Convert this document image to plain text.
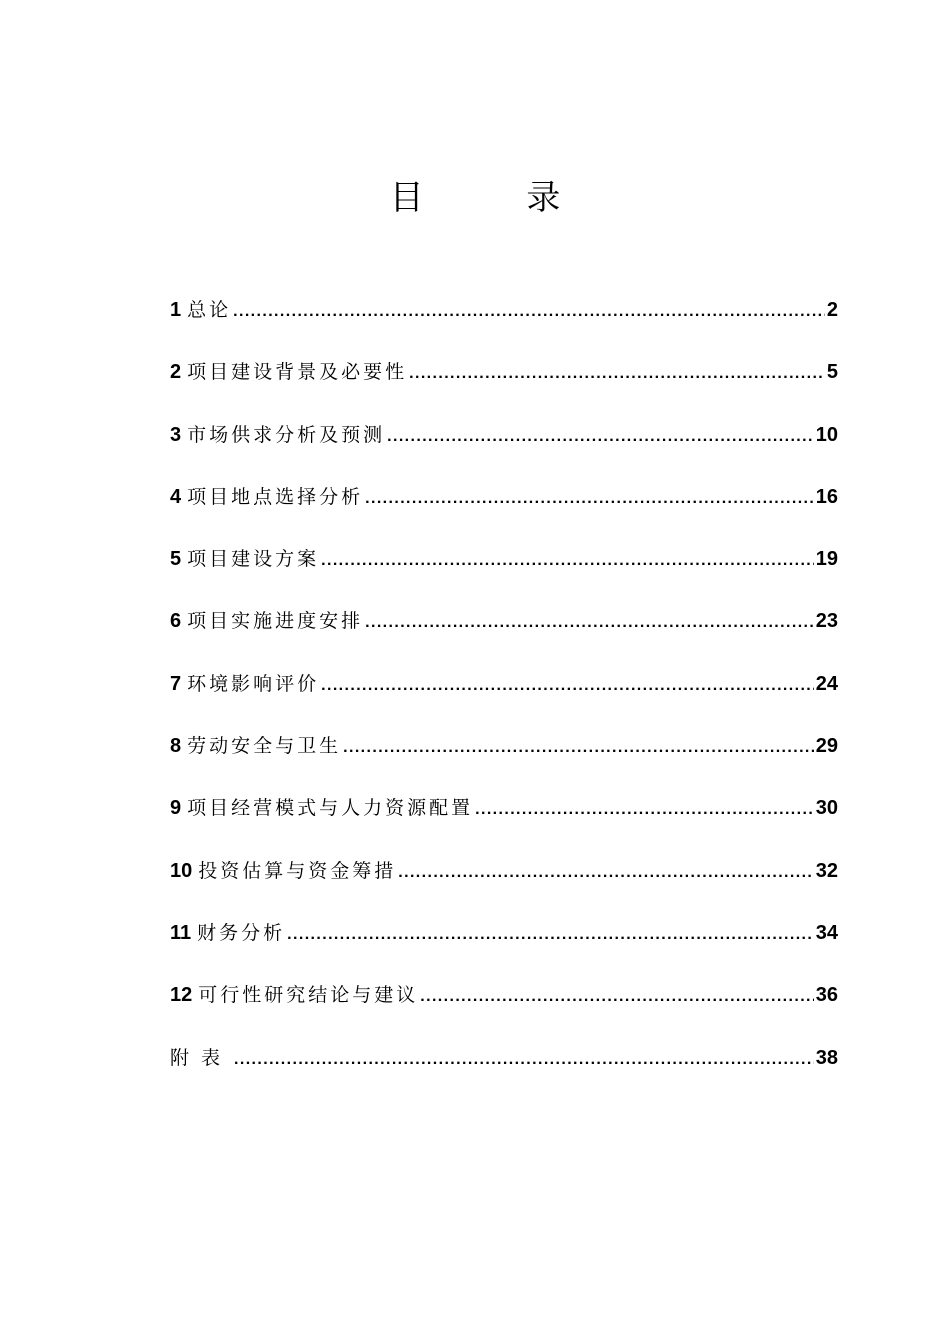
目 录
1 总论 .....	2
2 项目建设背景及必要性 .....	5
3 市场供求分析及预测 .....	10
4 项目地点选择分析 .....	16
5 项目建设方案 .....	19
6 项目实施进度安排 .....	23
7 环境影响评价 .....	24
8 劳动安全与卫生 .....	29
9 项目经营模式与人力资源配置 .....	30
10 投资估算与资金筹措 .....	32
11 财务分析 .....	34
12 可行性研究结论与建议 .....	36
附表 .....	38
